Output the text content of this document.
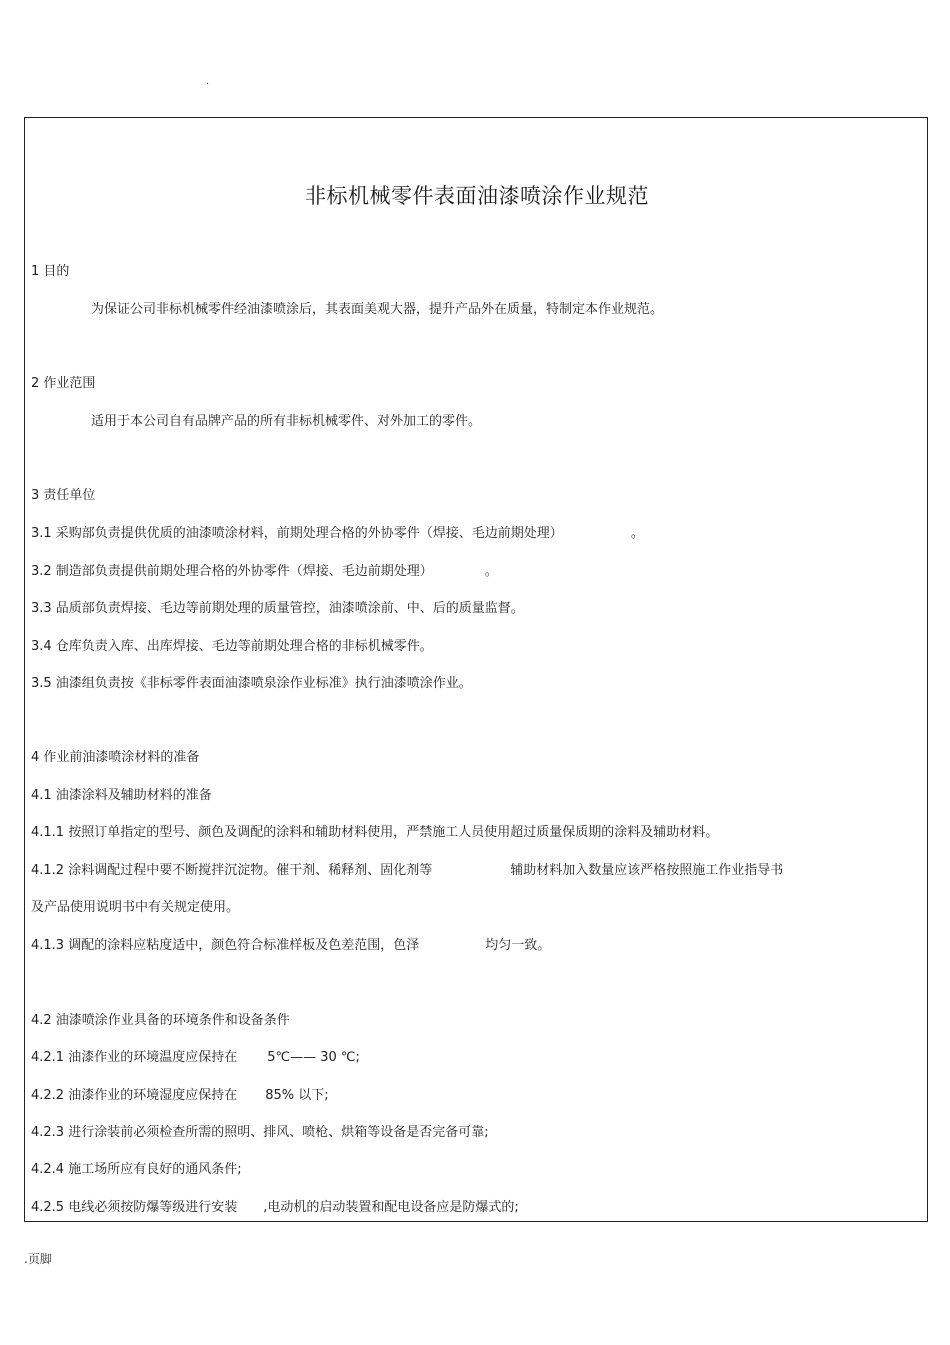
.
非标机械零件表面油漆喷涂作业规范
1 目的
为保证公司非标机械零件经油漆喷涂后，其表面美观大器，提升产品外在质量，特制定本作业规范。
2 作业范围
适用于本公司自有品牌产品的所有非标机械零件、对外加工的零件。
3 责任单位
3.1 采购部负责提供优质的油漆喷涂材料，前期处理合格的外协零件（焊接、毛边前期处理）	。
3.2 制造部负责提供前期处理合格的外协零件（焊接、毛边前期处理）	。
3.3 品质部负责焊接、毛边等前期处理的质量管控，油漆喷涂前、中、后的质量监督。
3.4 仓库负责入库、出库焊接、毛边等前期处理合格的非标机械零件。
3.5 油漆组负责按《非标零件表面油漆喷泉涂作业标准》执行油漆喷涂作业。
4 作业前油漆喷涂材料的准备
4.1 油漆涂料及辅助材料的准备
4.1.1 按照订单指定的型号、颜色及调配的涂料和辅助材料使用，严禁施工人员使用超过质量保质期的涂料及辅助材料。
4.1.2 涂料调配过程中要不断搅拌沉淀物。催干剂、稀释剂、固化剂等	辅助材料加入数量应该严格按照施工作业指导书
及产品使用说明书中有关规定使用。
4.1.3 调配的涂料应粘度适中，颜色符合标准样板及色差范围，色泽	均匀一致。
4.2 油漆喷涂作业具备的环境条件和设备条件
4.2.1 油漆作业的环境温度应保持在 5℃—— 30 ℃;
4.2.2 油漆作业的环境湿度应保持在 85% 以下;
4.2.3 进行涂装前必须检查所需的照明、排风、喷枪、烘箱等设备是否完备可靠;
4.2.4 施工场所应有良好的通风条件;
4.2.5 电线必须按防爆等级进行安装 ,电动机的启动装置和配电设备应是防爆式的;
.页脚
